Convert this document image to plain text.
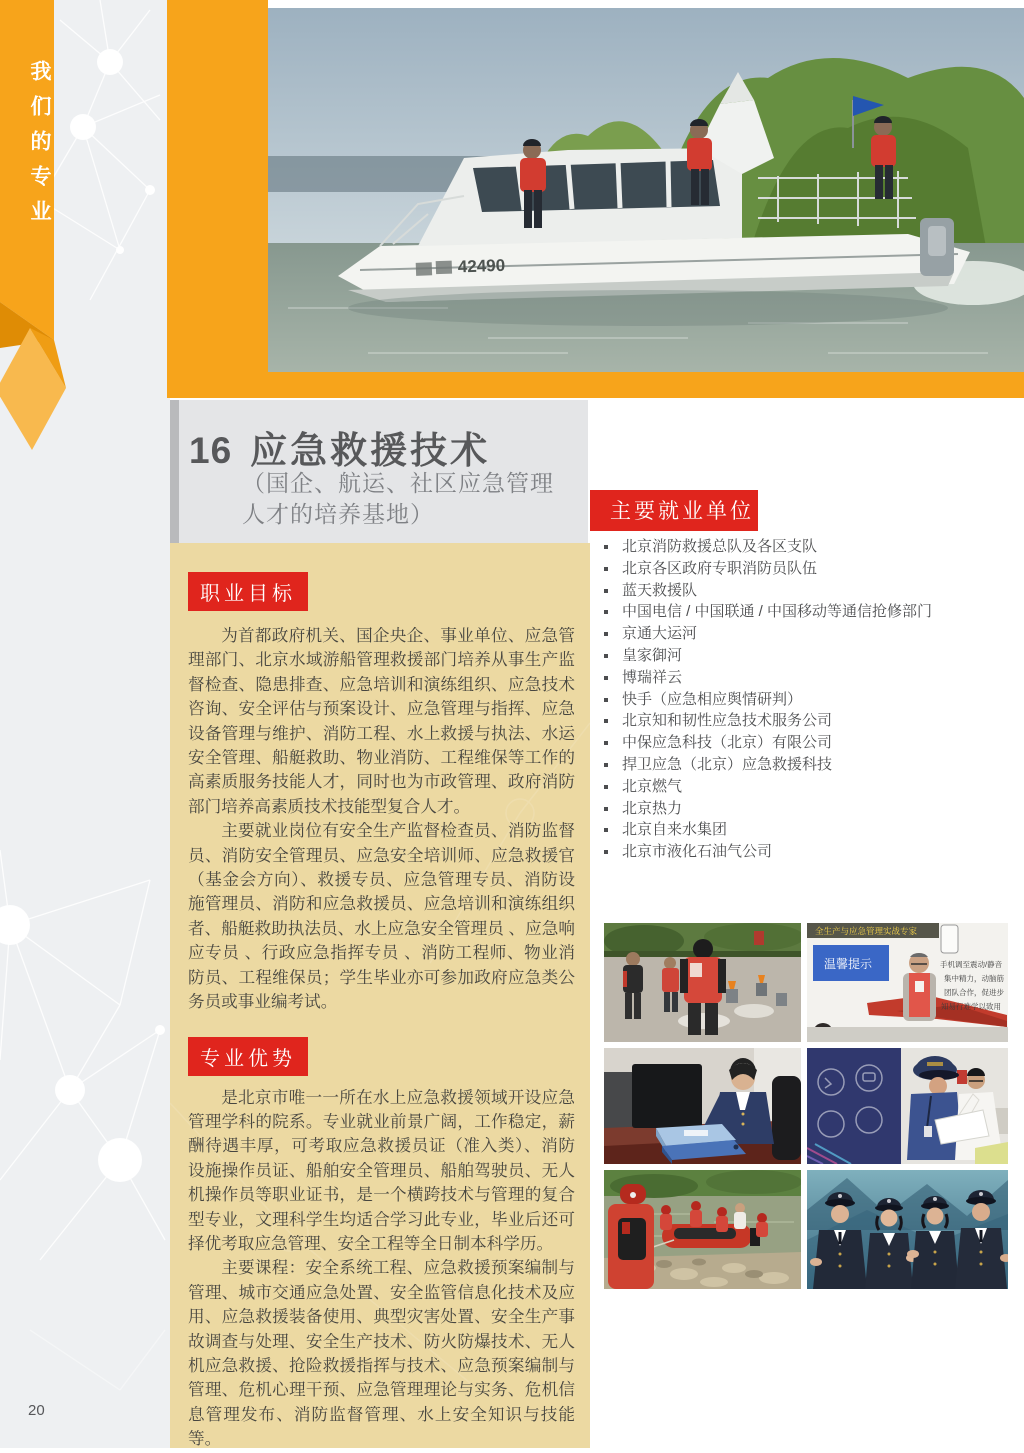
42490
我们的专业
16 应急救援技术
（国企、航运、社区应急管理
人才的培养基地）
职业目标

为首都政府机关、国企央企、事业单位、应急管理部门、北京水域游船管理救援部门培养从事生产监督检查、隐患排查、应急培训和演练组织、应急技术咨询、安全评估与预案设计、应急管理与指挥、应急设备管理与维护、消防工程、水上救援与执法、水运安全管理、船艇救助、物业消防、工程维保等工作的高素质服务技能人才，同时也为市政管理、政府消防部门培养高素质技术技能型复合人才。

主要就业岗位有安全生产监督检查员、消防监督员、消防安全管理员、应急安全培训师、应急救援官（基金会方向）、救援专员、应急管理专员、消防设施管理员、消防和应急救援员、应急培训和演练组织者、船艇救助执法员、水上应急安全管理员 、应急响应专员 、行政应急指挥专员 、消防工程师、物业消防员、工程维保员；学生毕业亦可参加政府应急类公务员或事业编考试。

专业优势

是北京市唯一一所在水上应急救援领域开设应急管理学科的院系。专业就业前景广阔，工作稳定，薪酬待遇丰厚，可考取应急救援员证（准入类）、消防设施操作员证、船舶安全管理员、船舶驾驶员、无人机操作员等职业证书，是一个横跨技术与管理的复合型专业，文理科学生均适合学习此专业，毕业后还可择优考取应急管理、安全工程等全日制本科学历。

主要课程：安全系统工程、应急救援预案编制与管理、城市交通应急处置、安全监管信息化技术及应用、应急救援装备使用、典型灾害处置、安全生产事故调查与处理、安全生产技术、防火防爆技术、无人机应急救援、抢险救援指挥与技术、应急预案编制与管理、危机心理干预、应急管理理论与实务、危机信息管理发布、消防监督管理、水上安全知识与技能等。

主要就业单位
北京消防救援总队及各区支队
北京各区政府专职消防员队伍
蓝天救援队
中国电信 / 中国联通 / 中国移动等通信抢修部门
京通大运河
皇家御河
博瑞祥云
快手（应急相应舆情研判）
北京知和韧性应急技术服务公司
中保应急科技（北京）有限公司
捍卫应急（北京）应急救援科技
北京燃气
北京热力
北京自来水集团
北京市液化石油气公司
全生产与应急管理实战专家
温馨提示	手机调至震动/静音
集中精力，动脑筋
团队合作，促进步
知易行难学以致用
20
